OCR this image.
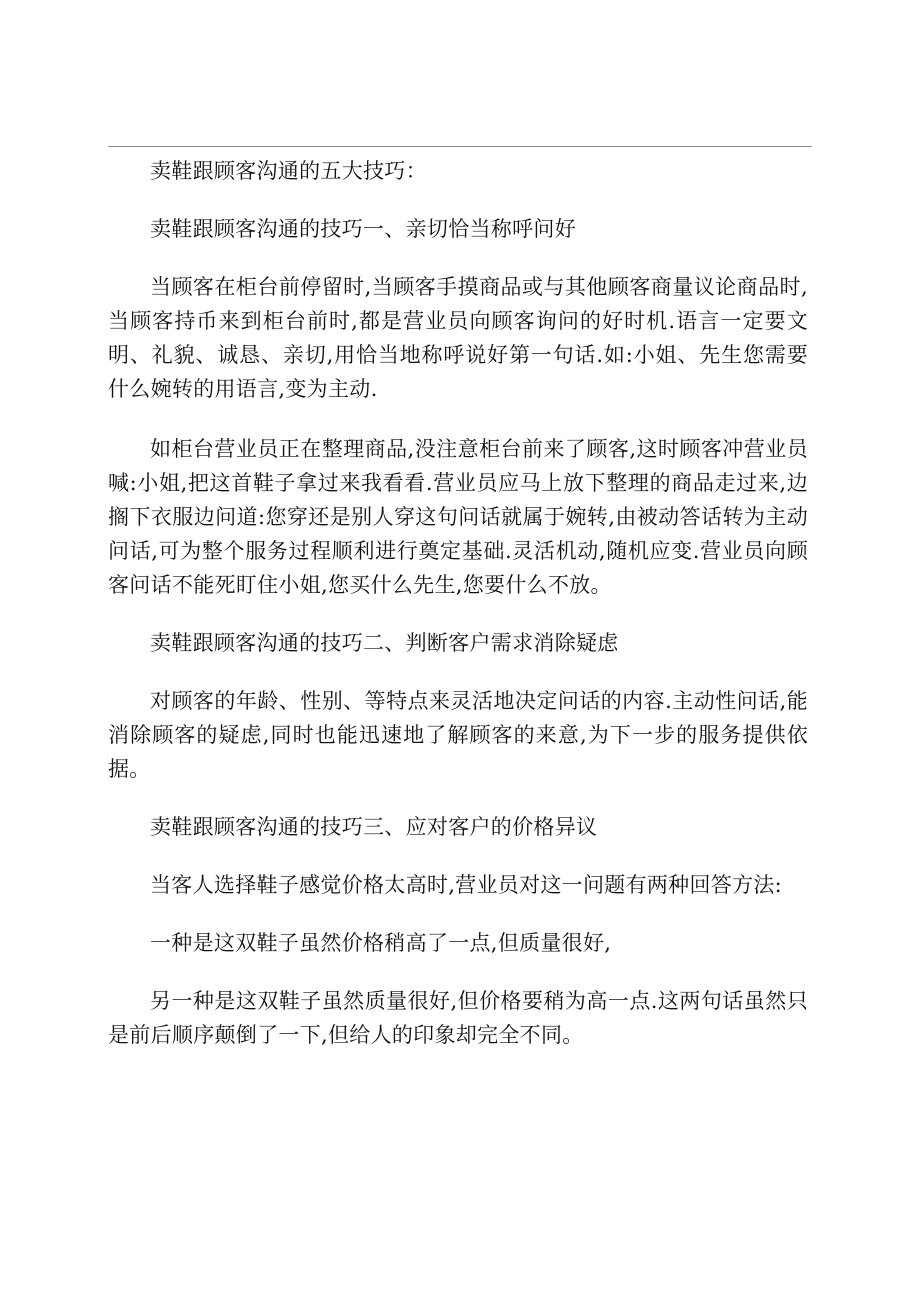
卖鞋跟顾客沟通的五大技巧：

卖鞋跟顾客沟通的技巧一、亲切恰当称呼问好

当顾客在柜台前停留时,当顾客手摸商品或与其他顾客商量议论商品时,当顾客持币来到柜台前时,都是营业员向顾客询问的好时机.语言一定要文明、礼貌、诚恳、亲切,用恰当地称呼说好第一句话.如:小姐、先生您需要什么婉转的用语言,变为主动.

如柜台营业员正在整理商品,没注意柜台前来了顾客,这时顾客冲营业员喊:小姐,把这首鞋子拿过来我看看.营业员应马上放下整理的商品走过来,边搁下衣服边问道:您穿还是别人穿这句问话就属于婉转,由被动答话转为主动问话,可为整个服务过程顺利进行奠定基础.灵活机动,随机应变.营业员向顾客问话不能死盯住小姐,您买什么先生,您要什么不放。

卖鞋跟顾客沟通的技巧二、判断客户需求消除疑虑

对顾客的年龄、性别、等特点来灵活地决定问话的内容.主动性问话,能消除顾客的疑虑,同时也能迅速地了解顾客的来意,为下一步的服务提供依据。

卖鞋跟顾客沟通的技巧三、应对客户的价格异议

当客人选择鞋子感觉价格太高时,营业员对这一问题有两种回答方法:

一种是这双鞋子虽然价格稍高了一点,但质量很好,

另一种是这双鞋子虽然质量很好,但价格要稍为高一点.这两句话虽然只是前后顺序颠倒了一下,但给人的印象却完全不同。
